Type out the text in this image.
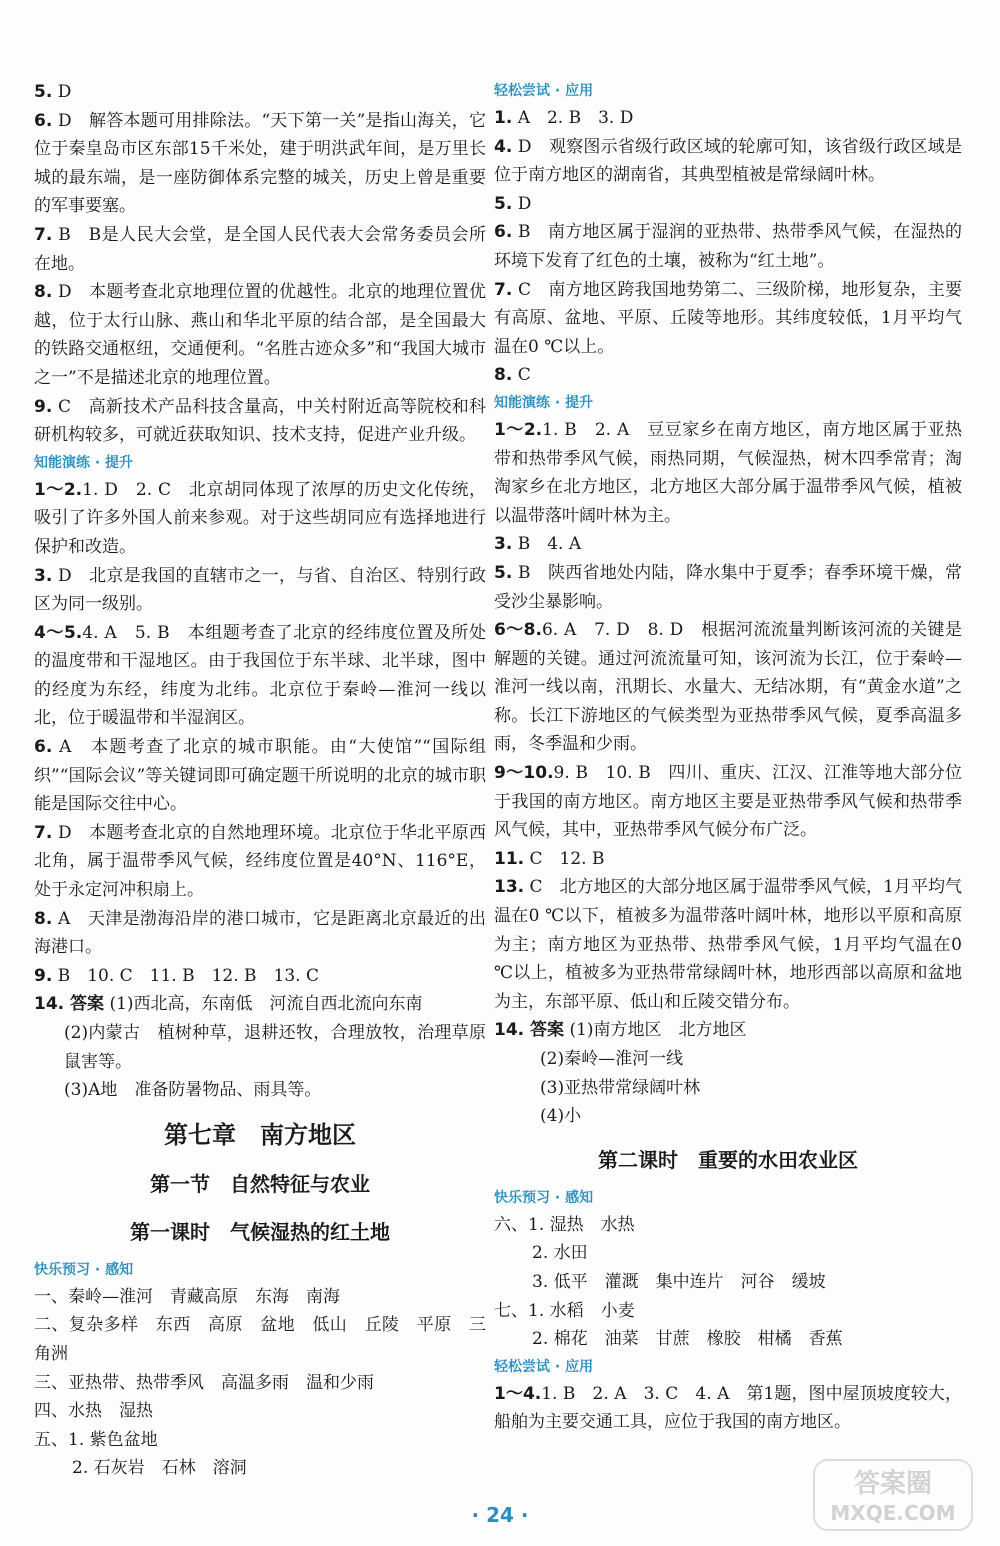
5. D

6. D　解答本题可用排除法。“天下第一关”是指山海关，它位于秦皇岛市区东部15千米处，建于明洪武年间，是万里长城的最东端，是一座防御体系完整的城关，历史上曾是重要的军事要塞。

7. B　B是人民大会堂，是全国人民代表大会常务委员会所在地。

8. D　本题考查北京地理位置的优越性。北京的地理位置优越，位于太行山脉、燕山和华北平原的结合部，是全国最大的铁路交通枢纽，交通便利。“名胜古迹众多”和“我国大城市之一”不是描述北京的地理位置。

9. C　高新技术产品科技含量高，中关村附近高等院校和科研机构较多，可就近获取知识、技术支持，促进产业升级。

知能演练 · 提升

1～2.1. D　2. C　北京胡同体现了浓厚的历史文化传统，吸引了许多外国人前来参观。对于这些胡同应有选择地进行保护和改造。

3. D　北京是我国的直辖市之一，与省、自治区、特别行政区为同一级别。

4～5.4. A　5. B　本组题考查了北京的经纬度位置及所处的温度带和干湿地区。由于我国位于东半球、北半球，图中的经度为东经，纬度为北纬。北京位于秦岭—淮河一线以北，位于暖温带和半湿润区。

6. A　本题考查了北京的城市职能。由“大使馆”“国际组织”“国际会议”等关键词即可确定题干所说明的北京的城市职能是国际交往中心。

7. D　本题考查北京的自然地理环境。北京位于华北平原西北角，属于温带季风气候，经纬度位置是40°N、116°E，处于永定河冲积扇上。

8. A　天津是渤海沿岸的港口城市，它是距离北京最近的出海港口。

9. B　10. C　11. B　12. B　13. C

14. 答案 (1)西北高，东南低　河流自西北流向东南

(2)内蒙古　植树种草，退耕还牧，合理放牧，治理草原鼠害等。

(3)A地　准备防暑物品、雨具等。

第七章　南方地区
第一节　自然特征与农业
第一课时　气候湿热的红土地

快乐预习 · 感知

一、秦岭—淮河　青藏高原　东海　南海

二、复杂多样　东西　高原　盆地　低山　丘陵　平原　三角洲

三、亚热带、热带季风　高温多雨　温和少雨

四、水热　湿热

五、1. 紫色盆地

2. 石灰岩　石林　溶洞

轻松尝试 · 应用

1. A　2. B　3. D

4. D　观察图示省级行政区域的轮廓可知，该省级行政区域是位于南方地区的湖南省，其典型植被是常绿阔叶林。

5. D

6. B　南方地区属于湿润的亚热带、热带季风气候，在湿热的环境下发育了红色的土壤，被称为“红土地”。

7. C　南方地区跨我国地势第二、三级阶梯，地形复杂，主要有高原、盆地、平原、丘陵等地形。其纬度较低，1月平均气温在0 ℃以上。

8. C

知能演练 · 提升

1～2.1. B　2. A　豆豆家乡在南方地区，南方地区属于亚热带和热带季风气候，雨热同期，气候湿热，树木四季常青；淘淘家乡在北方地区，北方地区大部分属于温带季风气候，植被以温带落叶阔叶林为主。

3. B　4. A

5. B　陕西省地处内陆，降水集中于夏季；春季环境干燥，常受沙尘暴影响。

6～8.6. A　7. D　8. D　根据河流流量判断该河流的关键是解题的关键。通过河流流量可知，该河流为长江，位于秦岭—淮河一线以南，汛期长、水量大、无结冰期，有“黄金水道”之称。长江下游地区的气候类型为亚热带季风气候，夏季高温多雨，冬季温和少雨。

9～10.9. B　10. B　四川、重庆、江汉、江淮等地大部分位于我国的南方地区。南方地区主要是亚热带季风气候和热带季风气候，其中，亚热带季风气候分布广泛。

11. C　12. B

13. C　北方地区的大部分地区属于温带季风气候，1月平均气温在0 ℃以下，植被多为温带落叶阔叶林，地形以平原和高原为主；南方地区为亚热带、热带季风气候，1月平均气温在0 ℃以上，植被多为亚热带常绿阔叶林，地形西部以高原和盆地为主，东部平原、低山和丘陵交错分布。

14. 答案 (1)南方地区　北方地区

(2)秦岭—淮河一线

(3)亚热带常绿阔叶林

(4)小

第二课时　重要的水田农业区

快乐预习 · 感知

六、1. 湿热　水热

2. 水田

3. 低平　灌溉　集中连片　河谷　缓坡

七、1. 水稻　小麦

2. 棉花　油菜　甘蔗　橡胶　柑橘　香蕉

轻松尝试 · 应用

1～4.1. B　2. A　3. C　4. A　第1题，图中屋顶坡度较大，船舶为主要交通工具，应位于我国的南方地区。

· 24 ·
答案圈
MXQE.COM
